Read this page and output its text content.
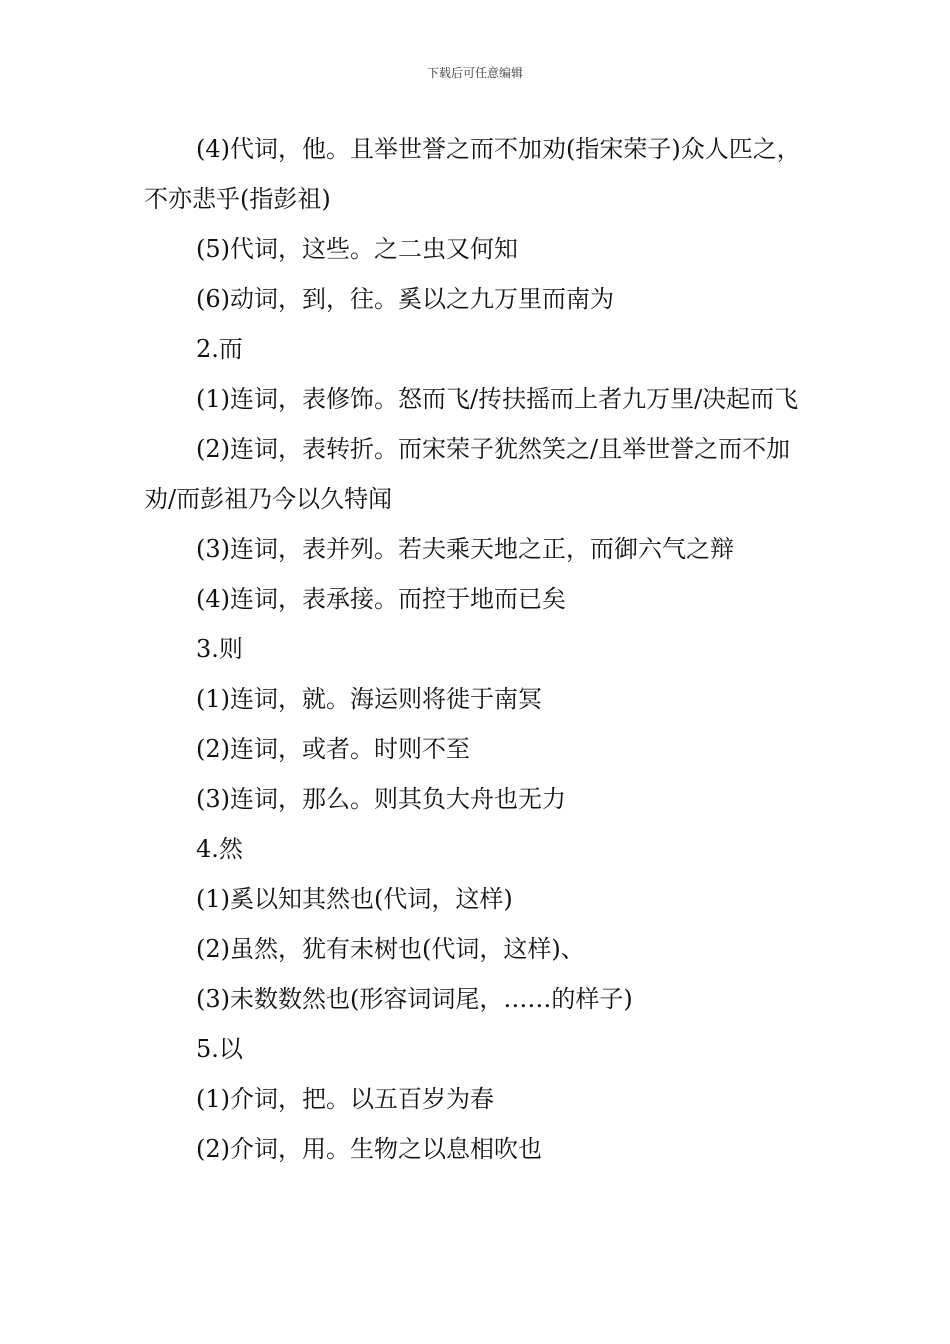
下载后可任意编辑

(4)代词，他。且举世誉之而不加劝(指宋荣子)众人匹之，不亦悲乎(指彭祖)

(5)代词，这些。之二虫又何知

(6)动词，到，往。奚以之九万里而南为

2.而

(1)连词，表修饰。怒而飞/抟扶摇而上者九万里/决起而飞

(2)连词，表转折。而宋荣子犹然笑之/且举世誉之而不加劝/而彭祖乃今以久特闻

(3)连词，表并列。若夫乘天地之正，而御六气之辩

(4)连词，表承接。而控于地而已矣

3.则

(1)连词，就。海运则将徙于南冥

(2)连词，或者。时则不至

(3)连词，那么。则其负大舟也无力

4.然

(1)奚以知其然也(代词，这样)

(2)虽然，犹有未树也(代词，这样)、

(3)未数数然也(形容词词尾，……的样子)

5.以

(1)介词，把。以五百岁为春

(2)介词，用。生物之以息相吹也
